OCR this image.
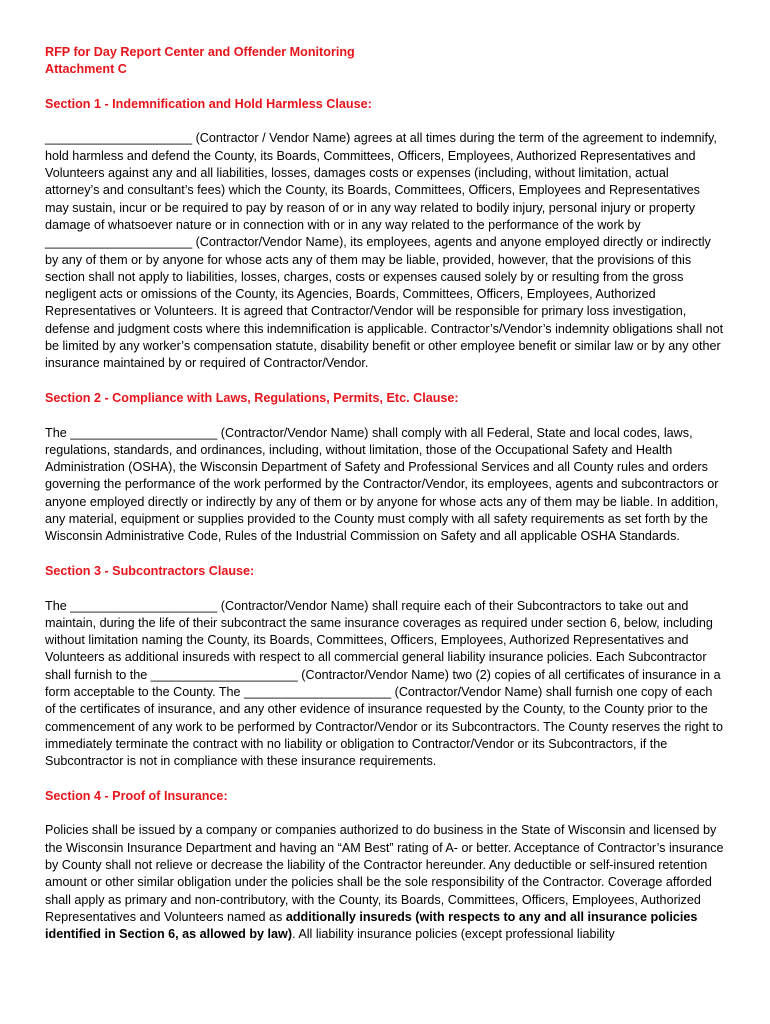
RFP for Day Report Center and Offender Monitoring

Attachment C

Section 1 - Indemnification and Hold Harmless Clause:

_____________________ (Contractor / Vendor Name) agrees at all times during the term of the agreement to indemnify, hold harmless and defend the County, its Boards, Committees, Officers, Employees, Authorized Representatives and Volunteers against any and all liabilities, losses, damages costs or expenses (including, without limitation, actual attorney’s and consultant’s fees) which the County, its Boards, Committees, Officers, Employees and Representatives may sustain, incur or be required to pay by reason of or in any way related to bodily injury, personal injury or property damage of whatsoever nature or in connection with or in any way related to the performance of the work by _____________________ (Contractor/Vendor Name), its employees, agents and anyone employed directly or indirectly by any of them or by anyone for whose acts any of them may be liable, provided, however, that the provisions of this section shall not apply to liabilities, losses, charges, costs or expenses caused solely by or resulting from the gross negligent acts or omissions of the County, its Agencies, Boards, Committees, Officers, Employees, Authorized Representatives or Volunteers. It is agreed that Contractor/Vendor will be responsible for primary loss investigation, defense and judgment costs where this indemnification is applicable. Contractor’s/Vendor’s indemnity obligations shall not be limited by any worker’s compensation statute, disability benefit or other employee benefit or similar law or by any other insurance maintained by or required of Contractor/Vendor.

Section 2 - Compliance with Laws, Regulations, Permits, Etc. Clause:

The _____________________ (Contractor/Vendor Name) shall comply with all Federal, State and local codes, laws, regulations, standards, and ordinances, including, without limitation, those of the Occupational Safety and Health Administration (OSHA), the Wisconsin Department of Safety and Professional Services and all County rules and orders governing the performance of the work performed by the Contractor/Vendor, its employees, agents and subcontractors or anyone employed directly or indirectly by any of them or by anyone for whose acts any of them may be liable. In addition, any material, equipment or supplies provided to the County must comply with all safety requirements as set forth by the Wisconsin Administrative Code, Rules of the Industrial Commission on Safety and all applicable OSHA Standards.

Section 3 - Subcontractors Clause:

The _____________________ (Contractor/Vendor Name) shall require each of their Subcontractors to take out and maintain, during the life of their subcontract the same insurance coverages as required under section 6, below, including without limitation naming the County, its Boards, Committees, Officers, Employees, Authorized Representatives and Volunteers as additional insureds with respect to all commercial general liability insurance policies. Each Subcontractor shall furnish to the _____________________ (Contractor/Vendor Name) two (2) copies of all certificates of insurance in a form acceptable to the County. The _____________________ (Contractor/Vendor Name) shall furnish one copy of each of the certificates of insurance, and any other evidence of insurance requested by the County, to the County prior to the commencement of any work to be performed by Contractor/Vendor or its Subcontractors. The County reserves the right to immediately terminate the contract with no liability or obligation to Contractor/Vendor or its Subcontractors, if the Subcontractor is not in compliance with these insurance requirements.

Section 4 - Proof of Insurance:

Policies shall be issued by a company or companies authorized to do business in the State of Wisconsin and licensed by the Wisconsin Insurance Department and having an “AM Best” rating of A- or better. Acceptance of Contractor’s insurance by County shall not relieve or decrease the liability of the Contractor hereunder. Any deductible or self-insured retention amount or other similar obligation under the policies shall be the sole responsibility of the Contractor. Coverage afforded shall apply as primary and non-contributory, with the County, its Boards, Committees, Officers, Employees, Authorized Representatives and Volunteers named as additionally insureds (with respects to any and all insurance policies identified in Section 6, as allowed by law). All liability insurance policies (except professional liability
